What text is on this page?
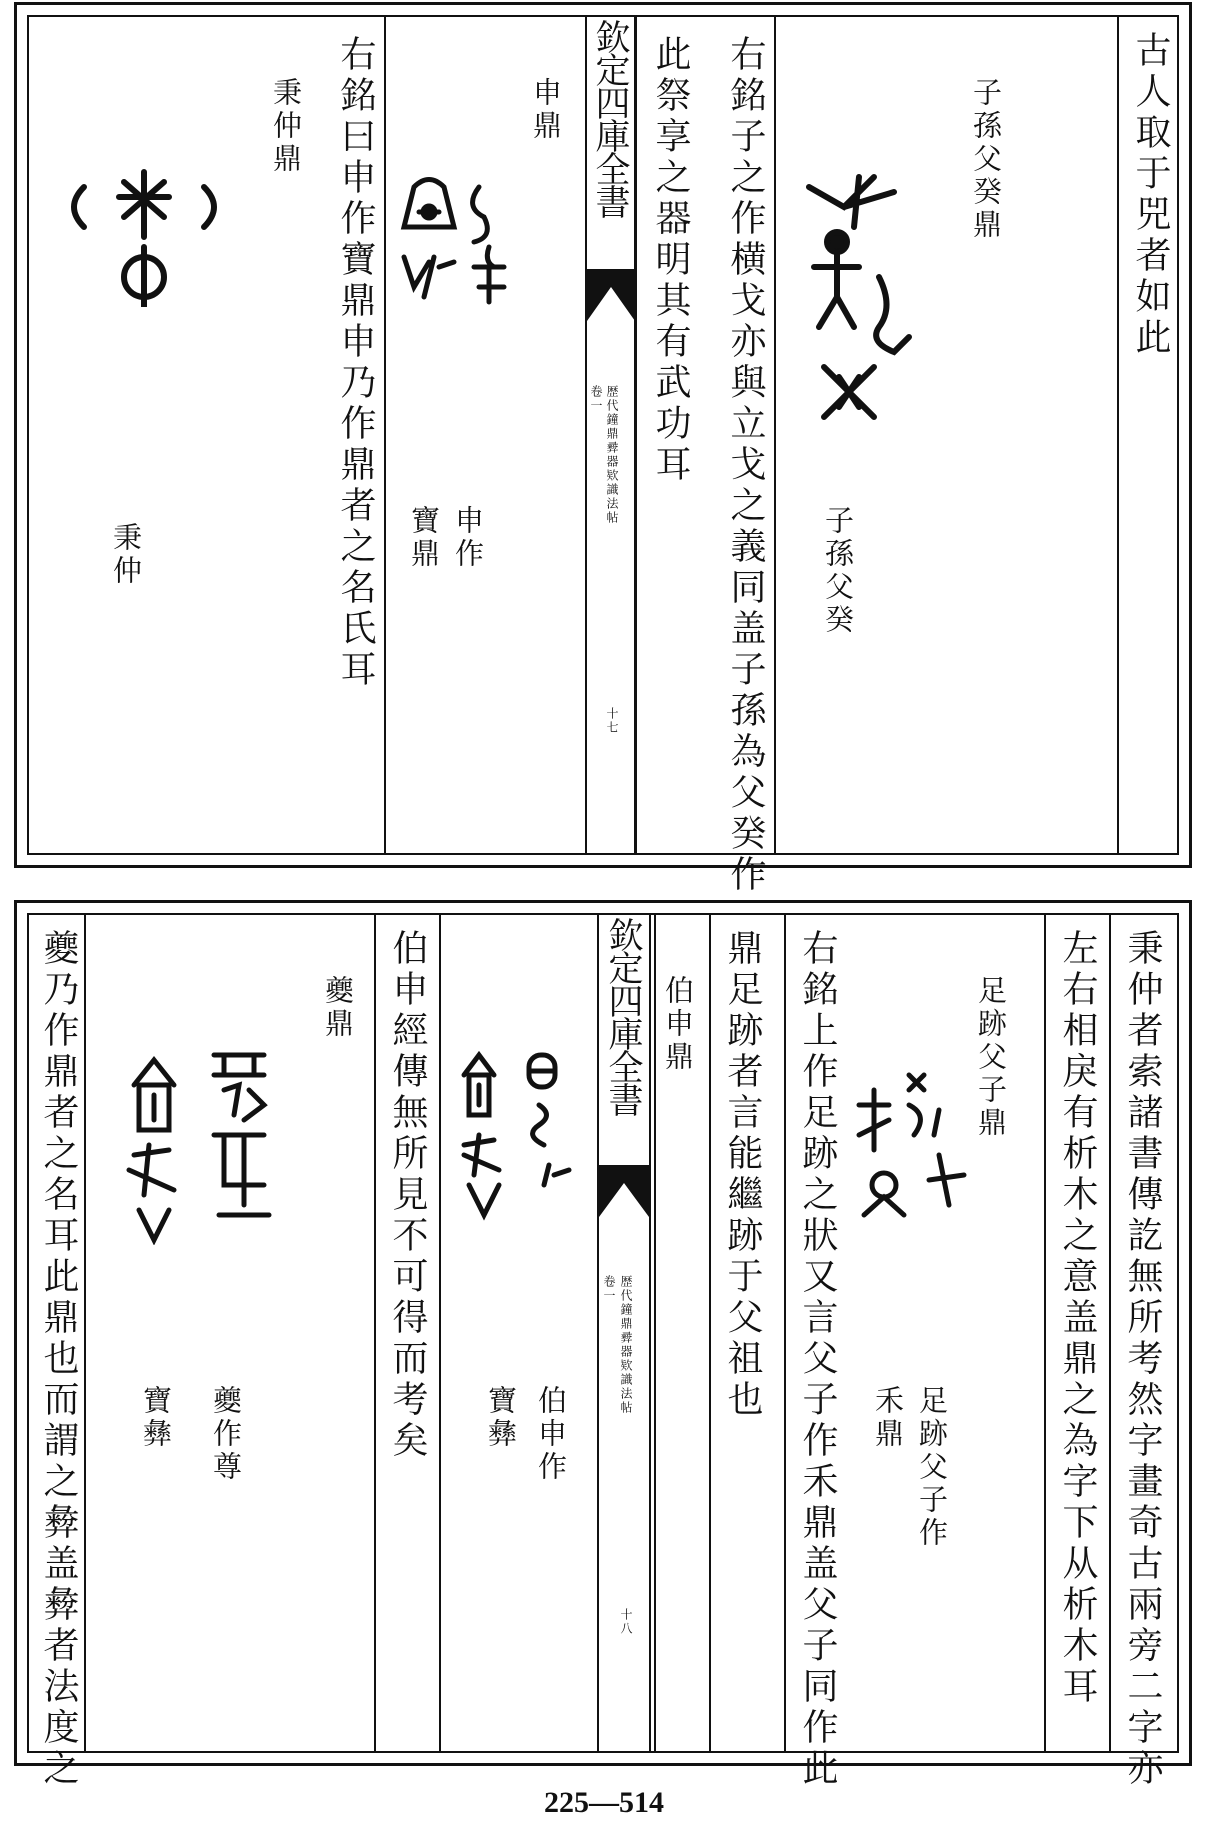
古人取于兕者如此
子孫父癸鼎
子孫父癸
右銘子之作横戈亦與立戈之義同盖子孫為父癸作
此祭享之器明其有武功耳
欽定四庫全書
歴代鐘鼎彛器欵識法帖
卷一
十七
申鼎
申作
寶鼎
右銘曰申作寶鼎申乃作鼎者之名氏耳
秉仲鼎
秉仲
秉仲者索諸書傳訖無所考然字畫奇古兩旁二字亦
左右相戾有析木之意盖鼎之為字下从析木耳
足跡父子鼎
足跡父子作
禾鼎
右銘上作足跡之狀又言父子作禾鼎盖父子同作此
鼎足跡者言能繼跡于父祖也
伯申鼎
欽定四庫全書
歴代鐘鼎彛器欵識法帖
卷一
十八
伯申作
寶彝
伯申經傳無所見不可得而考矣
夔鼎
夔作尊
寶彝
夔乃作鼎者之名耳此鼎也而謂之彜盖彜者法度之
225—514
